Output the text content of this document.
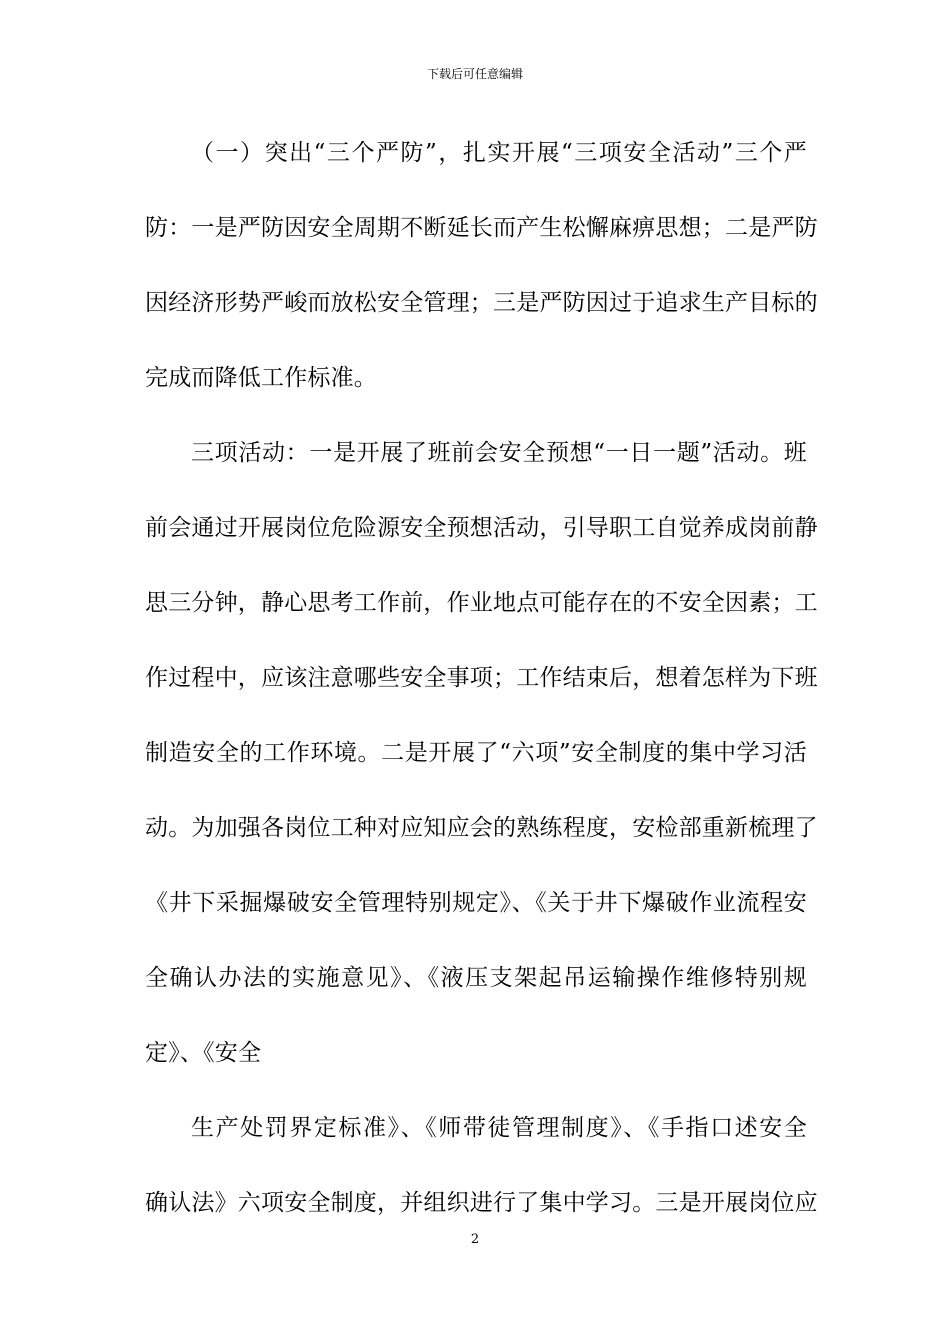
下载后可任意编辑
（一）突出“三个严防”，扎实开展“三项安全活动”三个严
防：一是严防因安全周期不断延长而产生松懈麻痹思想；二是严防
因经济形势严峻而放松安全管理；三是严防因过于追求生产目标的
完成而降低工作标准。
三项活动：一是开展了班前会安全预想“一日一题”活动。班
前会通过开展岗位危险源安全预想活动，引导职工自觉养成岗前静
思三分钟，静心思考工作前，作业地点可能存在的不安全因素；工
作过程中，应该注意哪些安全事项；工作结束后，想着怎样为下班
制造安全的工作环境。二是开展了“六项”安全制度的集中学习活
动。为加强各岗位工种对应知应会的熟练程度，安检部重新梳理了
《井下采掘爆破安全管理特别规定》、《关于井下爆破作业流程安
全确认办法的实施意见》、《液压支架起吊运输操作维修特别规
定》、《安全
生产处罚界定标准》、《师带徒管理制度》、《手指口述安全
确认法》六项安全制度，并组织进行了集中学习。三是开展岗位应
2
